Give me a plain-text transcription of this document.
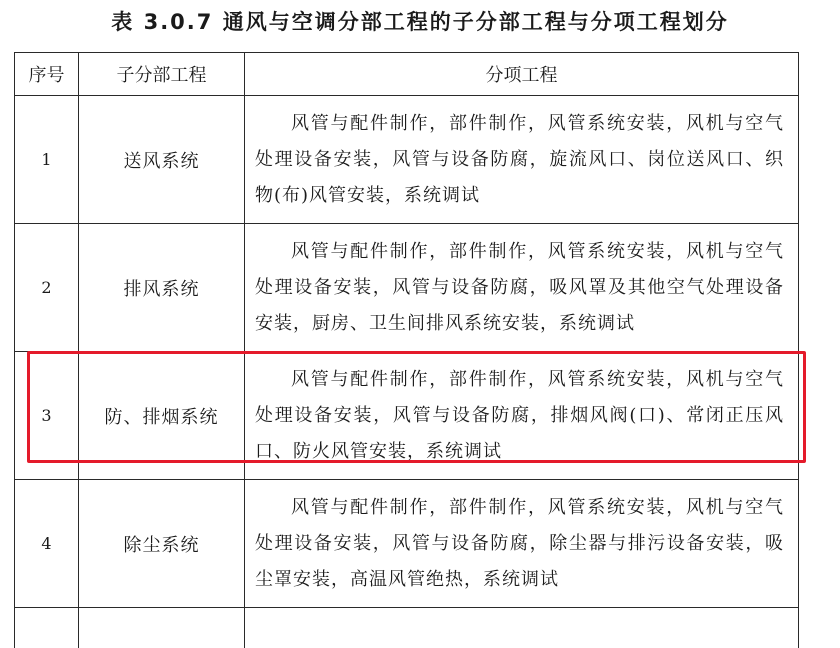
表 3.0.7 通风与空调分部工程的子分部工程与分项工程划分
序号	子分部工程	分项工程
1	送风系统	风管与配件制作，部件制作，风管系统安装，风机与空气处理设备安装，风管与设备防腐，旋流风口、岗位送风口、织物(布)风管安装，系统调试
2	排风系统	风管与配件制作，部件制作，风管系统安装，风机与空气处理设备安装，风管与设备防腐，吸风罩及其他空气处理设备安装，厨房、卫生间排风系统安装，系统调试
3	防、排烟系统	风管与配件制作，部件制作，风管系统安装，风机与空气处理设备安装，风管与设备防腐，排烟风阀(口)、常闭正压风口、防火风管安装，系统调试
4	除尘系统	风管与配件制作，部件制作，风管系统安装，风机与空气处理设备安装，风管与设备防腐，除尘器与排污设备安装，吸尘罩安装，高温风管绝热，系统调试
